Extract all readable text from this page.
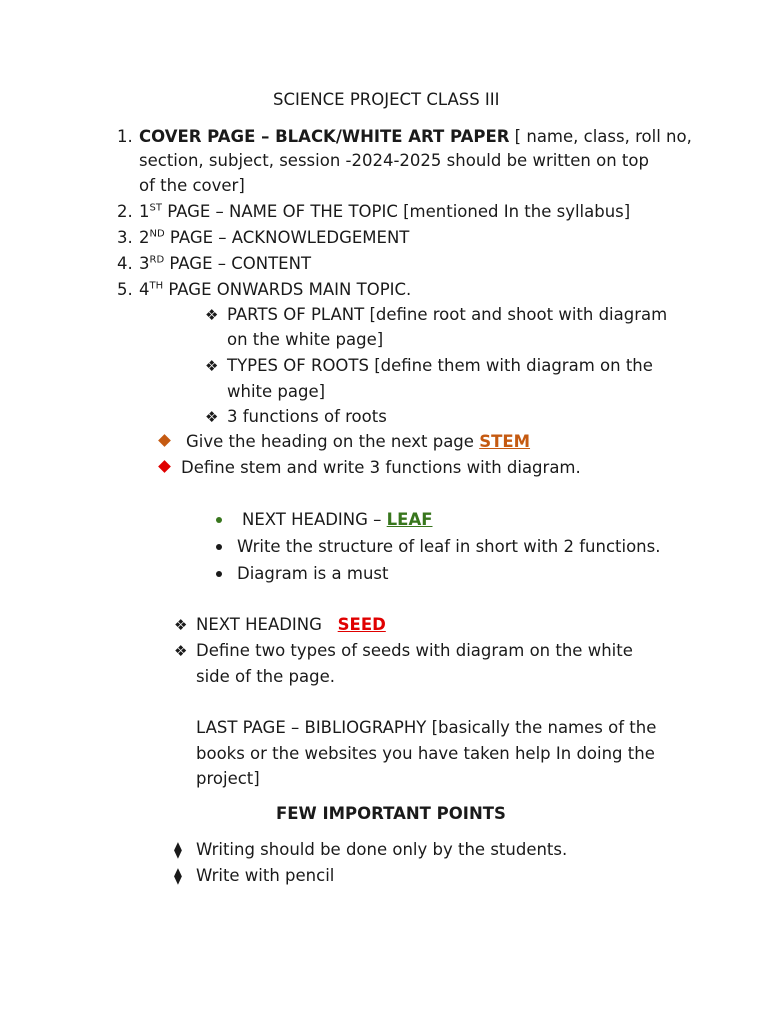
SCIENCE PROJECT CLASS III
1. COVER PAGE – BLACK/WHITE ART PAPER [ name, class, roll no,
section, subject, session -2024-2025 should be written on top
of the cover]
2. 1ST PAGE – NAME OF THE TOPIC [mentioned In the syllabus]
3. 2ND PAGE – ACKNOWLEDGEMENT
4. 3RD PAGE – CONTENT
5. 4TH PAGE ONWARDS MAIN TOPIC.
❖ PARTS OF PLANT [define root and shoot with diagram
on the white page]
❖ TYPES OF ROOTS [define them with diagram on the
white page]
❖ 3 functions of roots
Give the heading on the next page STEM
Define stem and write 3 functions with diagram.
NEXT HEADING – LEAF
Write the structure of leaf in short with 2 functions.
Diagram is a must
❖ NEXT HEADING   SEED
❖ Define two types of seeds with diagram on the white
side of the page.
LAST PAGE – BIBLIOGRAPHY [basically the names of the
books or the websites you have taken help In doing the
project]
FEW IMPORTANT POINTS
⧫ Writing should be done only by the students.
⧫ Write with pencil
